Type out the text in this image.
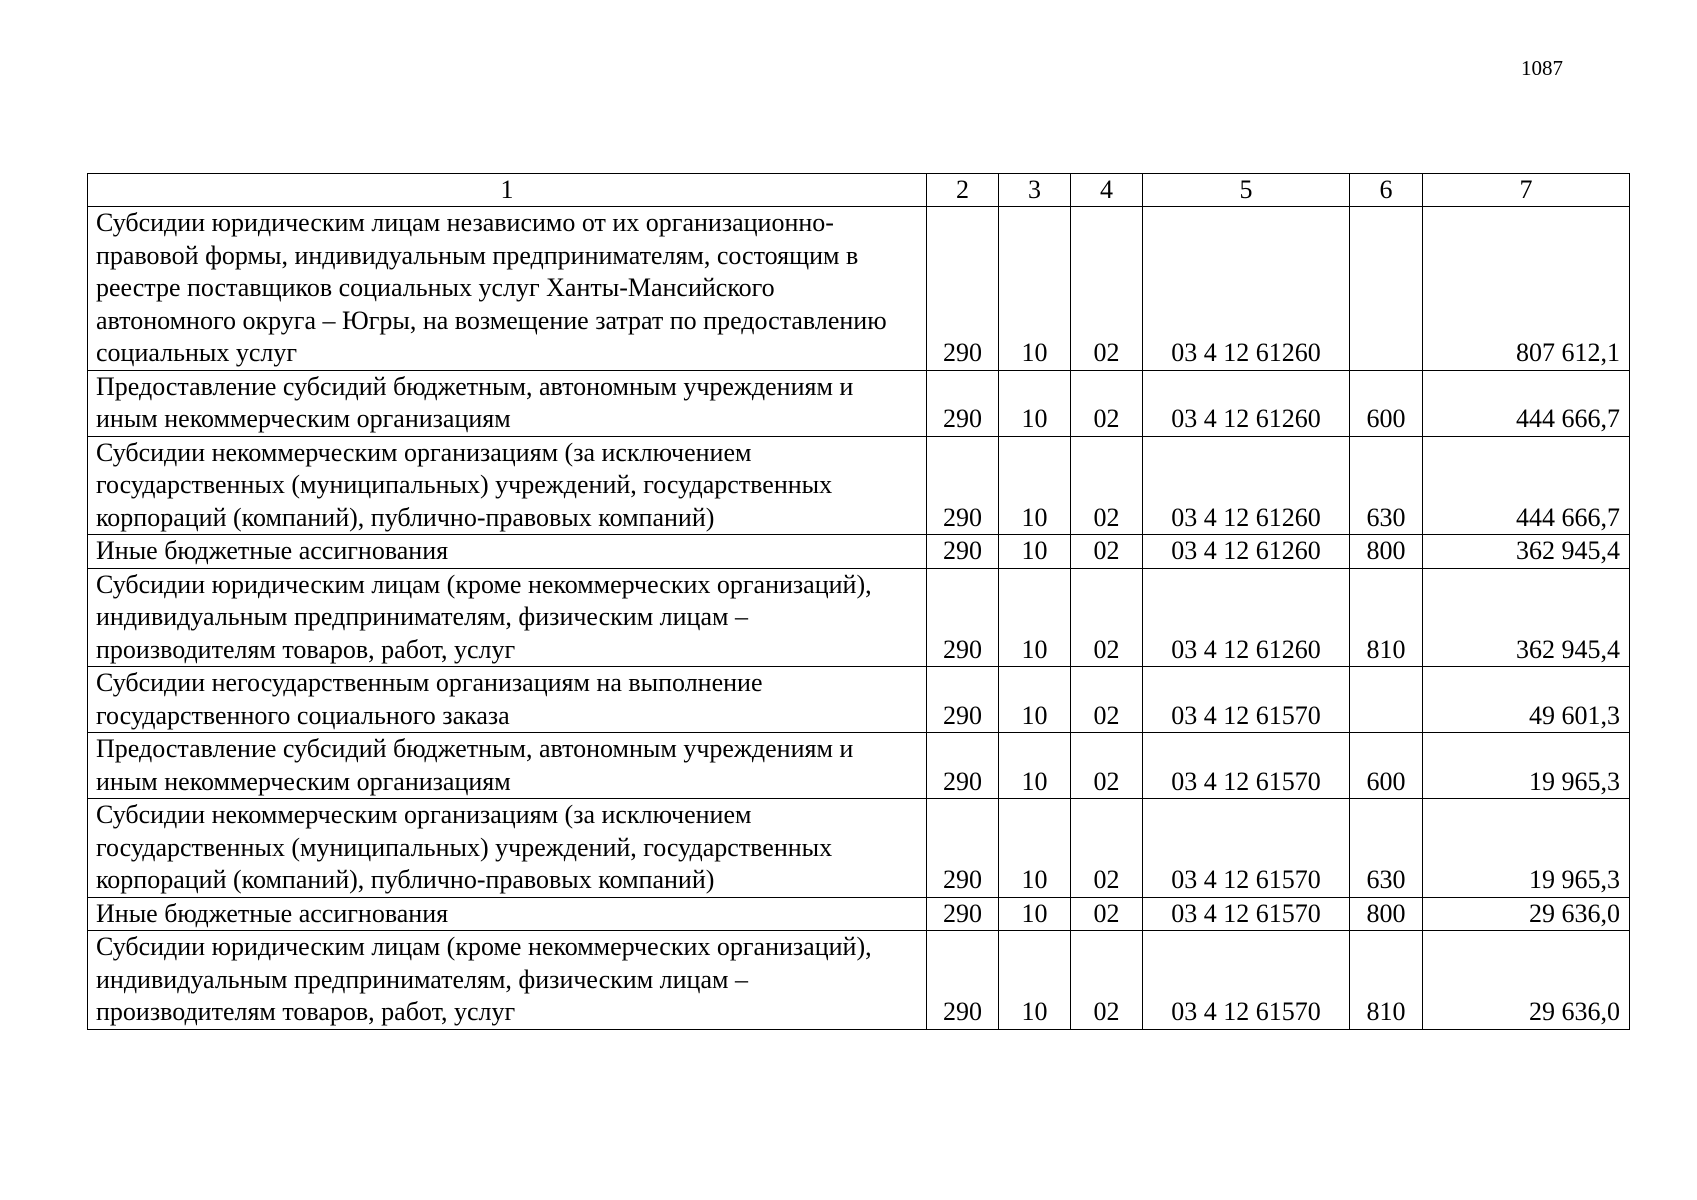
1087
1	2	3	4	5	6	7
Субсидии юридическим лицам независимо от их организационно-правовой формы, индивидуальным предпринимателям, состоящим в реестре поставщиков социальных услуг Ханты-Мансийского автономного округа – Югры, на возмещение затрат по предоставлению социальных услуг	290	10	02	03 4 12 61260		807 612,1
Предоставление субсидий бюджетным, автономным учреждениям и иным некоммерческим организациям	290	10	02	03 4 12 61260	600	444 666,7
Субсидии некоммерческим организациям (за исключением государственных (муниципальных) учреждений, государственных корпораций (компаний), публично-правовых компаний)	290	10	02	03 4 12 61260	630	444 666,7
Иные бюджетные ассигнования	290	10	02	03 4 12 61260	800	362 945,4
Субсидии юридическим лицам (кроме некоммерческих организаций), индивидуальным предпринимателям, физическим лицам – производителям товаров, работ, услуг	290	10	02	03 4 12 61260	810	362 945,4
Субсидии негосударственным организациям на выполнение государственного социального заказа	290	10	02	03 4 12 61570		49 601,3
Предоставление субсидий бюджетным, автономным учреждениям и иным некоммерческим организациям	290	10	02	03 4 12 61570	600	19 965,3
Субсидии некоммерческим организациям (за исключением государственных (муниципальных) учреждений, государственных корпораций (компаний), публично-правовых компаний)	290	10	02	03 4 12 61570	630	19 965,3
Иные бюджетные ассигнования	290	10	02	03 4 12 61570	800	29 636,0
Субсидии юридическим лицам (кроме некоммерческих организаций), индивидуальным предпринимателям, физическим лицам – производителям товаров, работ, услуг	290	10	02	03 4 12 61570	810	29 636,0
